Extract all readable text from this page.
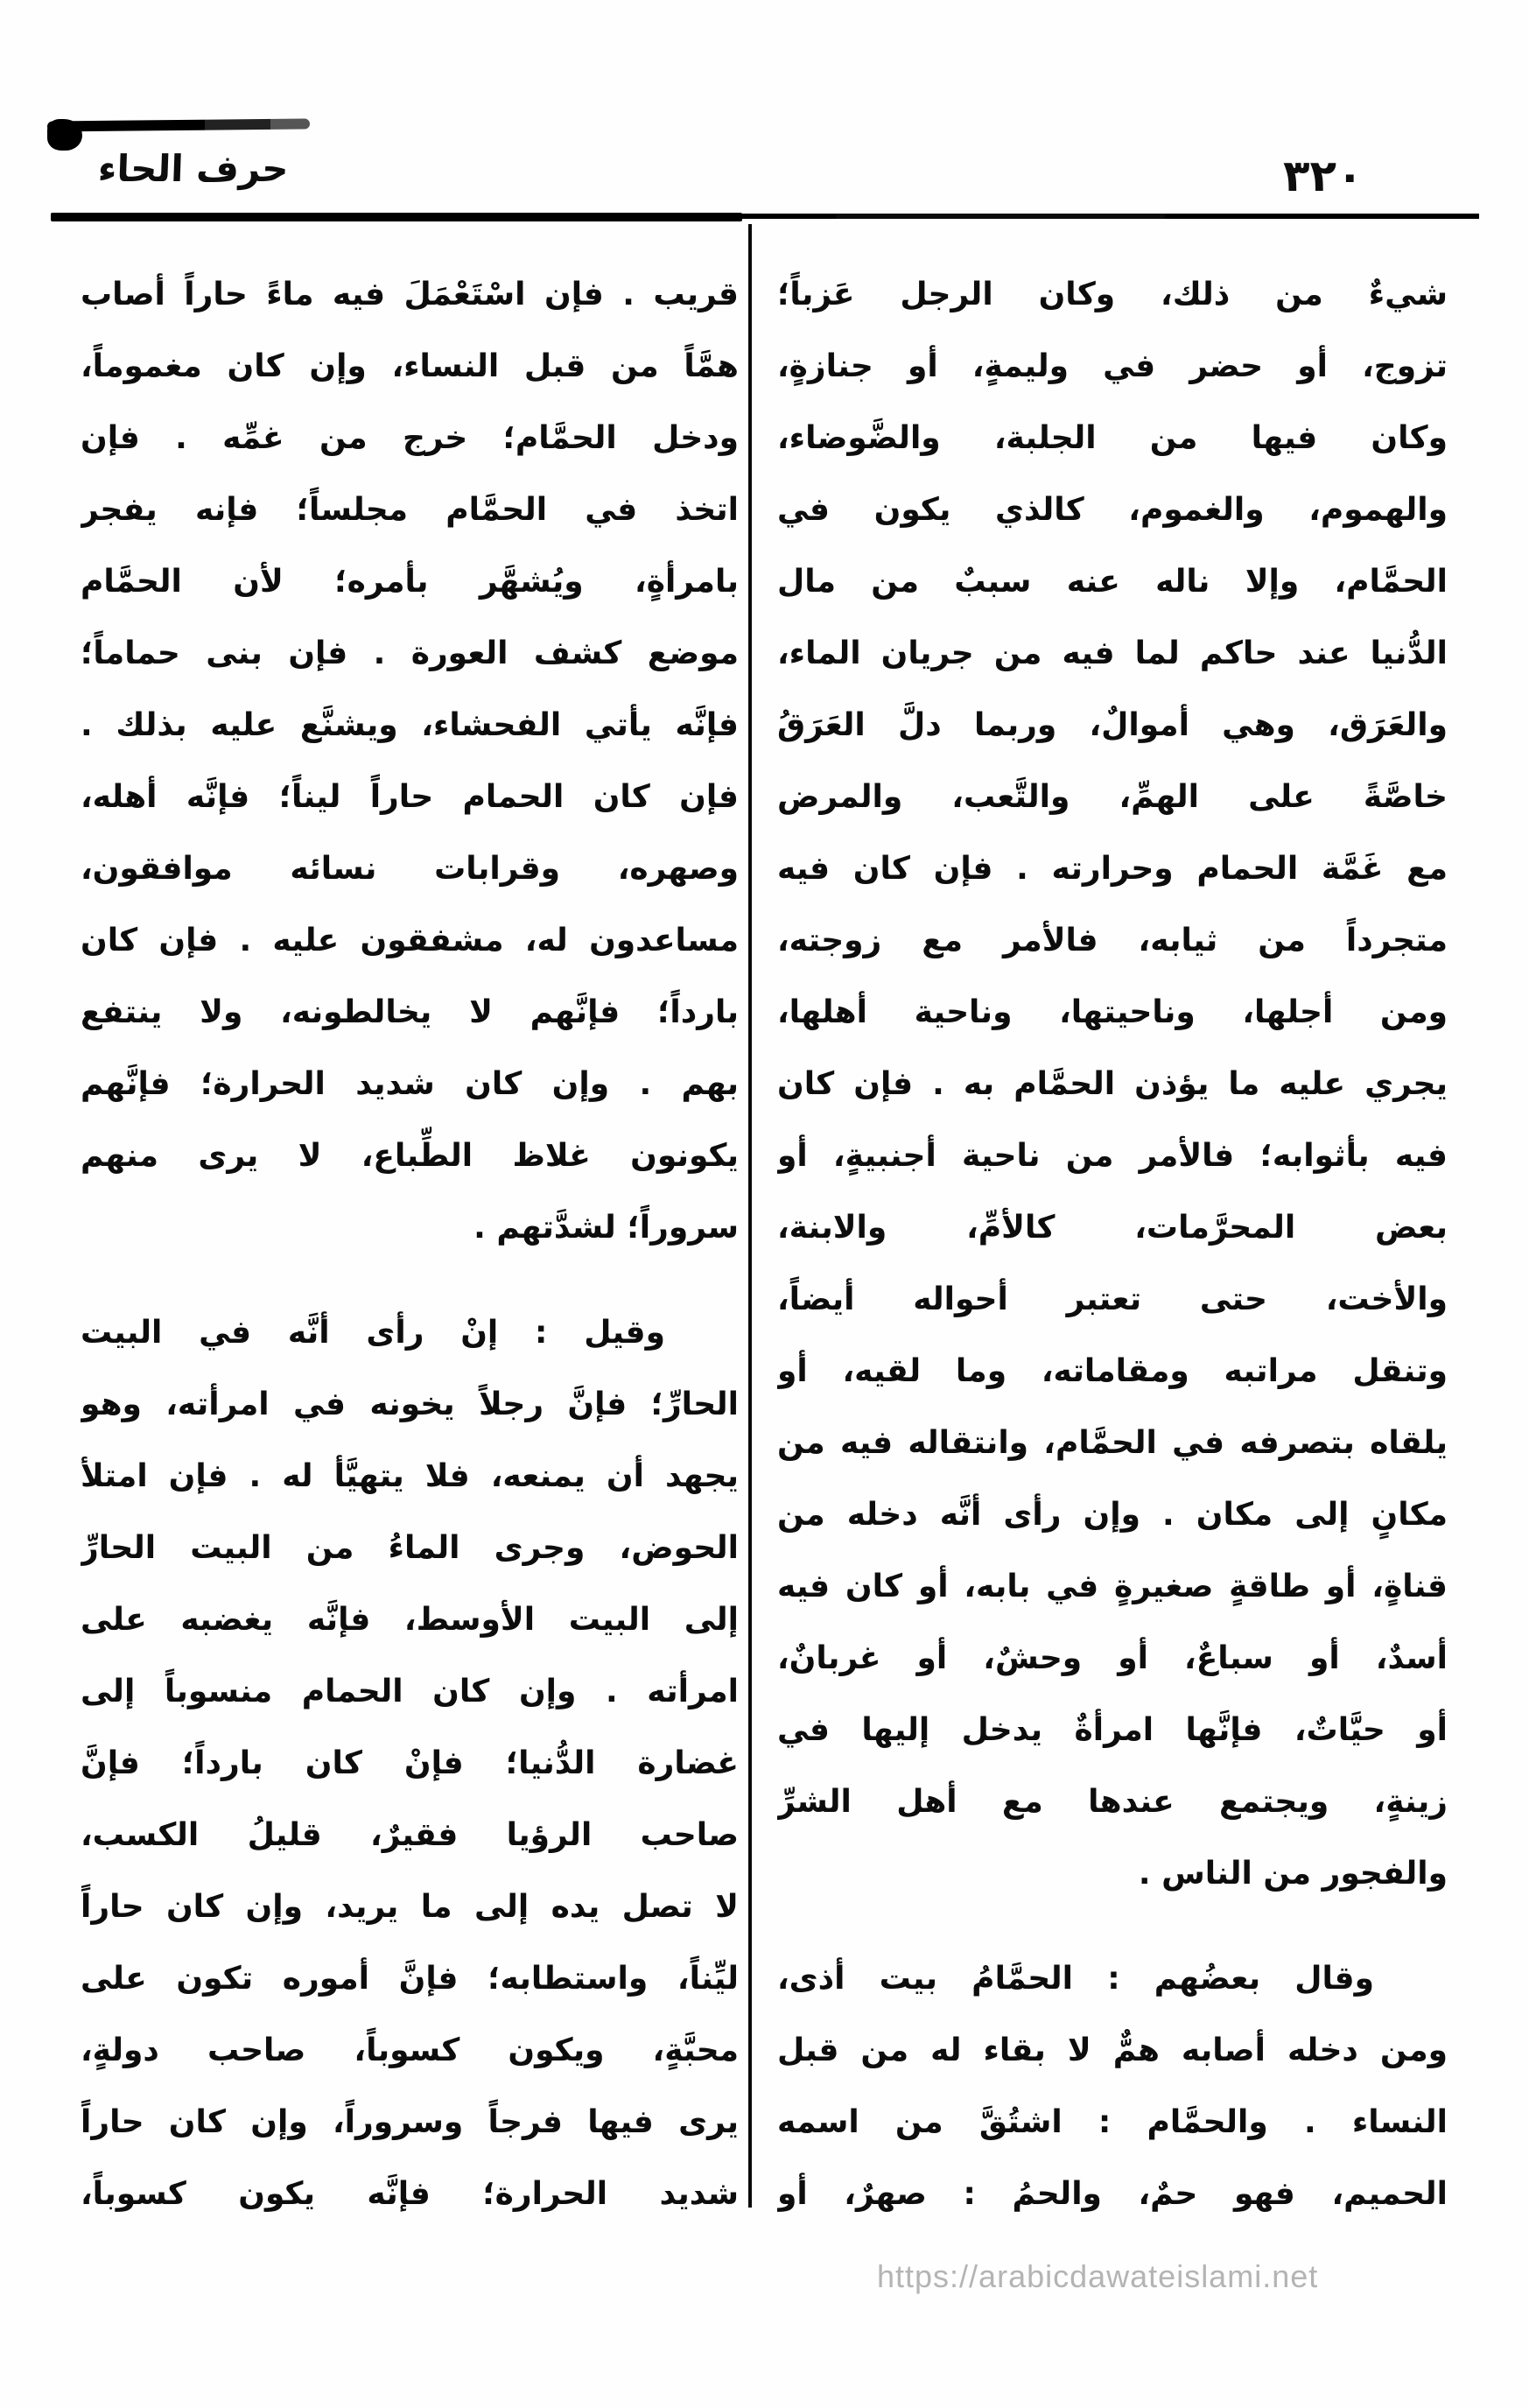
حرف الحاء	٣٢٠
شيءٌ من ذلك، وكان الرجل عَزباً؛
تزوج، أو حضر في وليمةٍ، أو جنازةٍ،
وكان فيها من الجلبة، والضَّوضاء،
والهموم، والغموم، كالذي يكون في
الحمَّام، وإلا ناله عنه سببٌ من مال
الدُّنيا عند حاكم لما فيه من جريان الماء،
والعَرَق، وهي أموالٌ، وربما دلَّ العَرَقُ
خاصَّةً على الهمِّ، والتَّعب، والمرض
مع غَمَّة الحمام وحرارته . فإن كان فيه
متجرداً من ثيابه، فالأمر مع زوجته،
ومن أجلها، وناحيتها، وناحية أهلها،
يجري عليه ما يؤذن الحمَّام به . فإن كان
فيه بأثوابه؛ فالأمر من ناحية أجنبيةٍ، أو
بعض المحرَّمات، كالأمِّ، والابنة،
والأخت، حتى تعتبر أحواله أيضاً،
وتنقل مراتبه ومقاماته، وما لقيه، أو
يلقاه بتصرفه في الحمَّام، وانتقاله فيه من
مكانٍ إلى مكان . وإن رأى أنَّه دخله من
قناةٍ، أو طاقةٍ صغيرةٍ في بابه، أو كان فيه
أسدٌ، أو سباعٌ، أو وحشٌ، أو غربانٌ،
أو حيَّاتٌ، فإنَّها امرأةٌ يدخل إليها في
زينةٍ، ويجتمع عندها مع أهل الشرِّ
والفجور من الناس .
وقال بعضُهم : الحمَّامُ بيت أذى،
ومن دخله أصابه همٌّ لا بقاء له من قبل
النساء . والحمَّام : اشتُقَّ من اسمه
الحميم، فهو حمٌ، والحمُ : صهرٌ، أو
قريب . فإن اسْتَعْمَلَ فيه ماءً حاراً أصاب
همَّاً من قبل النساء، وإن كان مغموماً،
ودخل الحمَّام؛ خرج من غمِّه . فإن
اتخذ في الحمَّام مجلساً؛ فإنه يفجر
بامرأةٍ، ويُشهَّر بأمره؛ لأن الحمَّام
موضع كشف العورة . فإن بنى حماماً؛
فإنَّه يأتي الفحشاء، ويشنَّع عليه بذلك .
فإن كان الحمام حاراً ليناً؛ فإنَّه أهله،
وصهره، وقرابات نسائه موافقون،
مساعدون له، مشفقون عليه . فإن كان
بارداً؛ فإنَّهم لا يخالطونه، ولا ينتفع
بهم . وإن كان شديد الحرارة؛ فإنَّهم
يكونون غلاظ الطِّباع، لا يرى منهم
سروراً؛ لشدَّتهم .
وقيل : إنْ رأى أنَّه في البيت
الحارِّ؛ فإنَّ رجلاً يخونه في امرأته، وهو
يجهد أن يمنعه، فلا يتهيَّأ له . فإن امتلأ
الحوض، وجرى الماءُ من البيت الحارِّ
إلى البيت الأوسط، فإنَّه يغضبه على
امرأته . وإن كان الحمام منسوباً إلى
غضارة الدُّنيا؛ فإنْ كان بارداً؛ فإنَّ
صاحب الرؤيا فقيرٌ، قليلُ الكسب،
لا تصل يده إلى ما يريد، وإن كان حاراً
ليِّناً، واستطابه؛ فإنَّ أموره تكون على
محبَّةٍ، ويكون كسوباً، صاحب دولةٍ،
يرى فيها فرجاً وسروراً، وإن كان حاراً
شديد الحرارة؛ فإنَّه يكون كسوباً،
https://arabicdawateislami.net
